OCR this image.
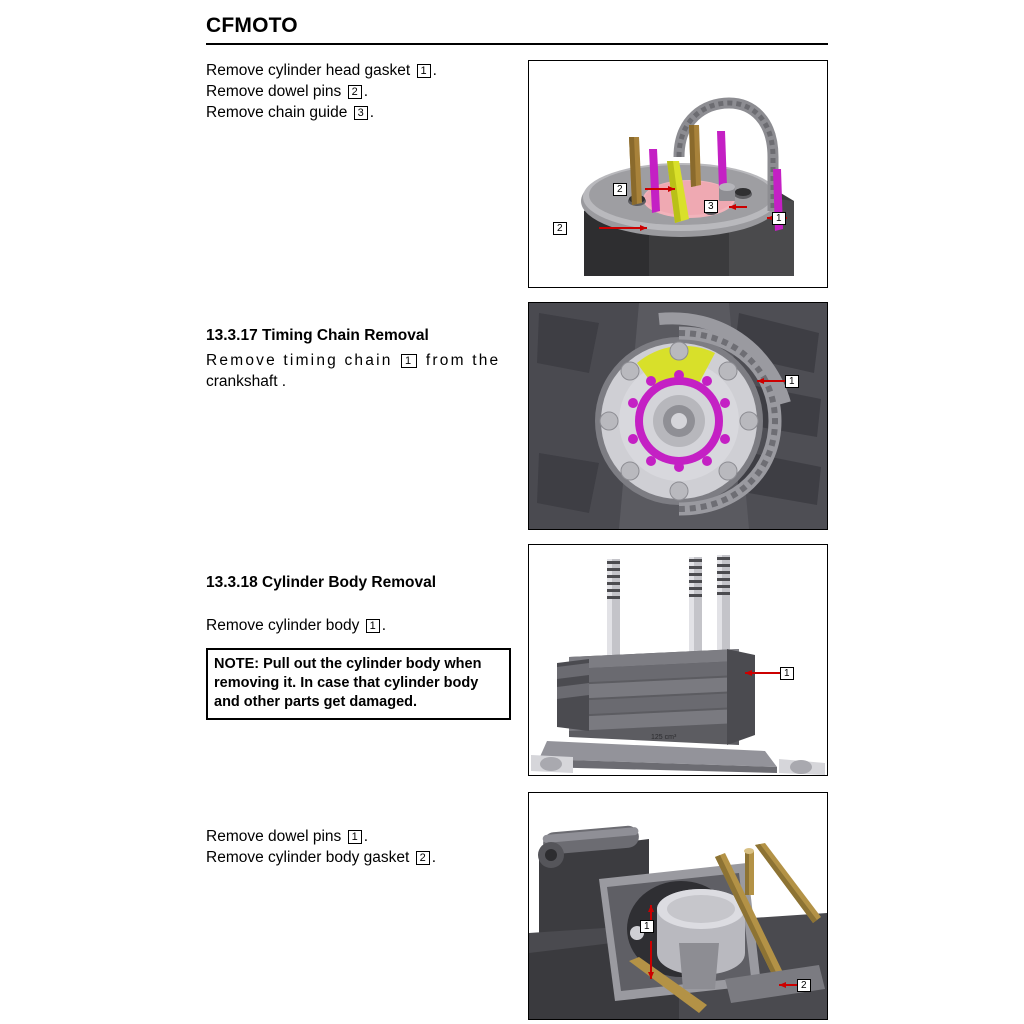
CFMOTO
Remove cylinder head gasket 1 .
Remove dowel pins 2 .
Remove chain guide 3 .
2
2
3
1
13.3.17 Timing Chain Removal
Remove timing chain 1 from the
crankshaft .	1
13.3.18 Cylinder Body Removal
Remove cylinder body 1 .
NOTE: Pull out the cylinder body when
removing it. In case that cylinder body
and other parts get damaged.
125 cm³
1
Remove dowel pins 1 .
Remove cylinder body gasket 2 .
1
2
